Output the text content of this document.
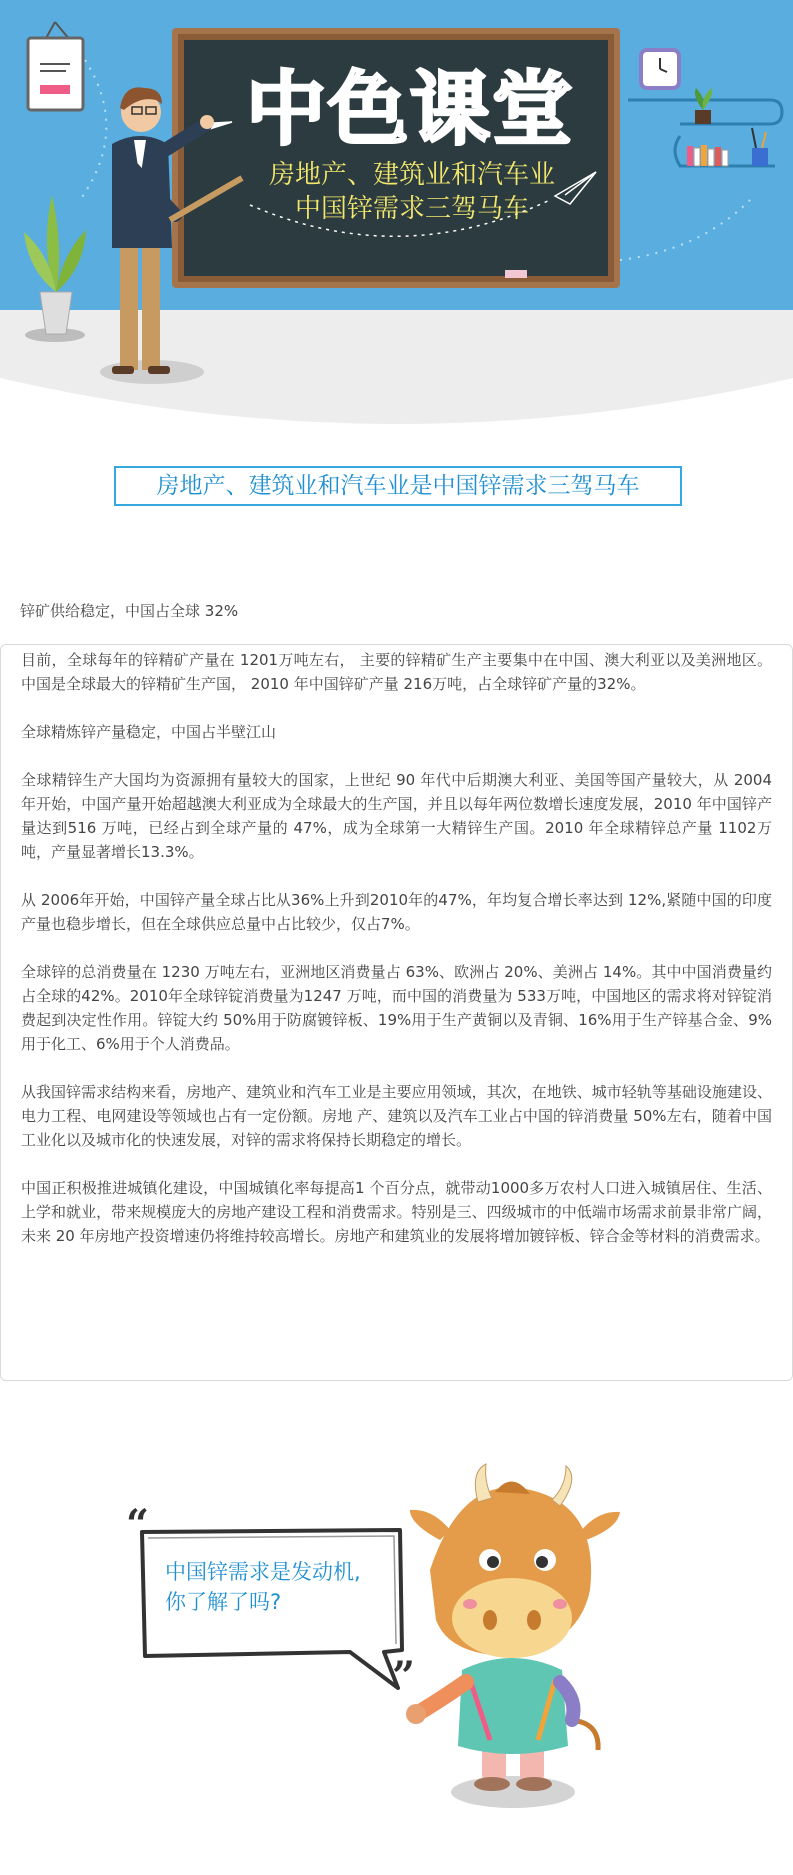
中色课堂
房地产、建筑业和汽车业
中国锌需求三驾马车
房地产、建筑业和汽车业是中国锌需求三驾马车
锌矿供给稳定，中国占全球 32%

目前，全球每年的锌精矿产量在 1201万吨左右， 主要的锌精矿生产主要集中在中国、澳大利亚以及美洲地区。中国是全球最大的锌精矿生产国， 2010 年中国锌矿产量 216万吨，占全球锌矿产量的32%。

全球精炼锌产量稳定，中国占半壁江山

全球精锌生产大国均为资源拥有量较大的国家，上世纪 90 年代中后期澳大利亚、美国等国产量较大，从 2004 年开始，中国产量开始超越澳大利亚成为全球最大的生产国，并且以每年两位数增长速度发展，2010 年中国锌产量达到516 万吨，已经占到全球产量的 47%，成为全球第一大精锌生产国。2010 年全球精锌总产量 1102万吨，产量显著增长13.3%。

从 2006年开始，中国锌产量全球占比从36%上升到2010年的47%，年均复合增长率达到 12%,紧随中国的印度产量也稳步增长，但在全球供应总量中占比较少，仅占7%。

全球锌的总消费量在 1230 万吨左右，亚洲地区消费量占 63%、欧洲占 20%、美洲占 14%。其中中国消费量约占全球的42%。2010年全球锌锭消费量为1247 万吨，而中国的消费量为 533万吨，中国地区的需求将对锌锭消费起到决定性作用。锌锭大约 50%用于防腐镀锌板、19%用于生产黄铜以及青铜、16%用于生产锌基合金、9%用于化工、6%用于个人消费品。

从我国锌需求结构来看，房地产、建筑业和汽车工业是主要应用领域，其次，在地铁、城市轻轨等基础设施建设、电力工程、电网建设等领域也占有一定份额。房地 产、建筑以及汽车工业占中国的锌消费量 50%左右，随着中国工业化以及城市化的快速发展，对锌的需求将保持长期稳定的增长。

中国正积极推进城镇化建设，中国城镇化率每提高1 个百分点，就带动1000多万农村人口进入城镇居住、生活、上学和就业，带来规模庞大的房地产建设工程和消费需求。特别是三、四级城市的中低端市场需求前景非常广阔，未来 20 年房地产投资增速仍将维持较高增长。房地产和建筑业的发展将增加镀锌板、锌合金等材料的消费需求。

“
”
中国锌需求是发动机,
你了解了吗?
